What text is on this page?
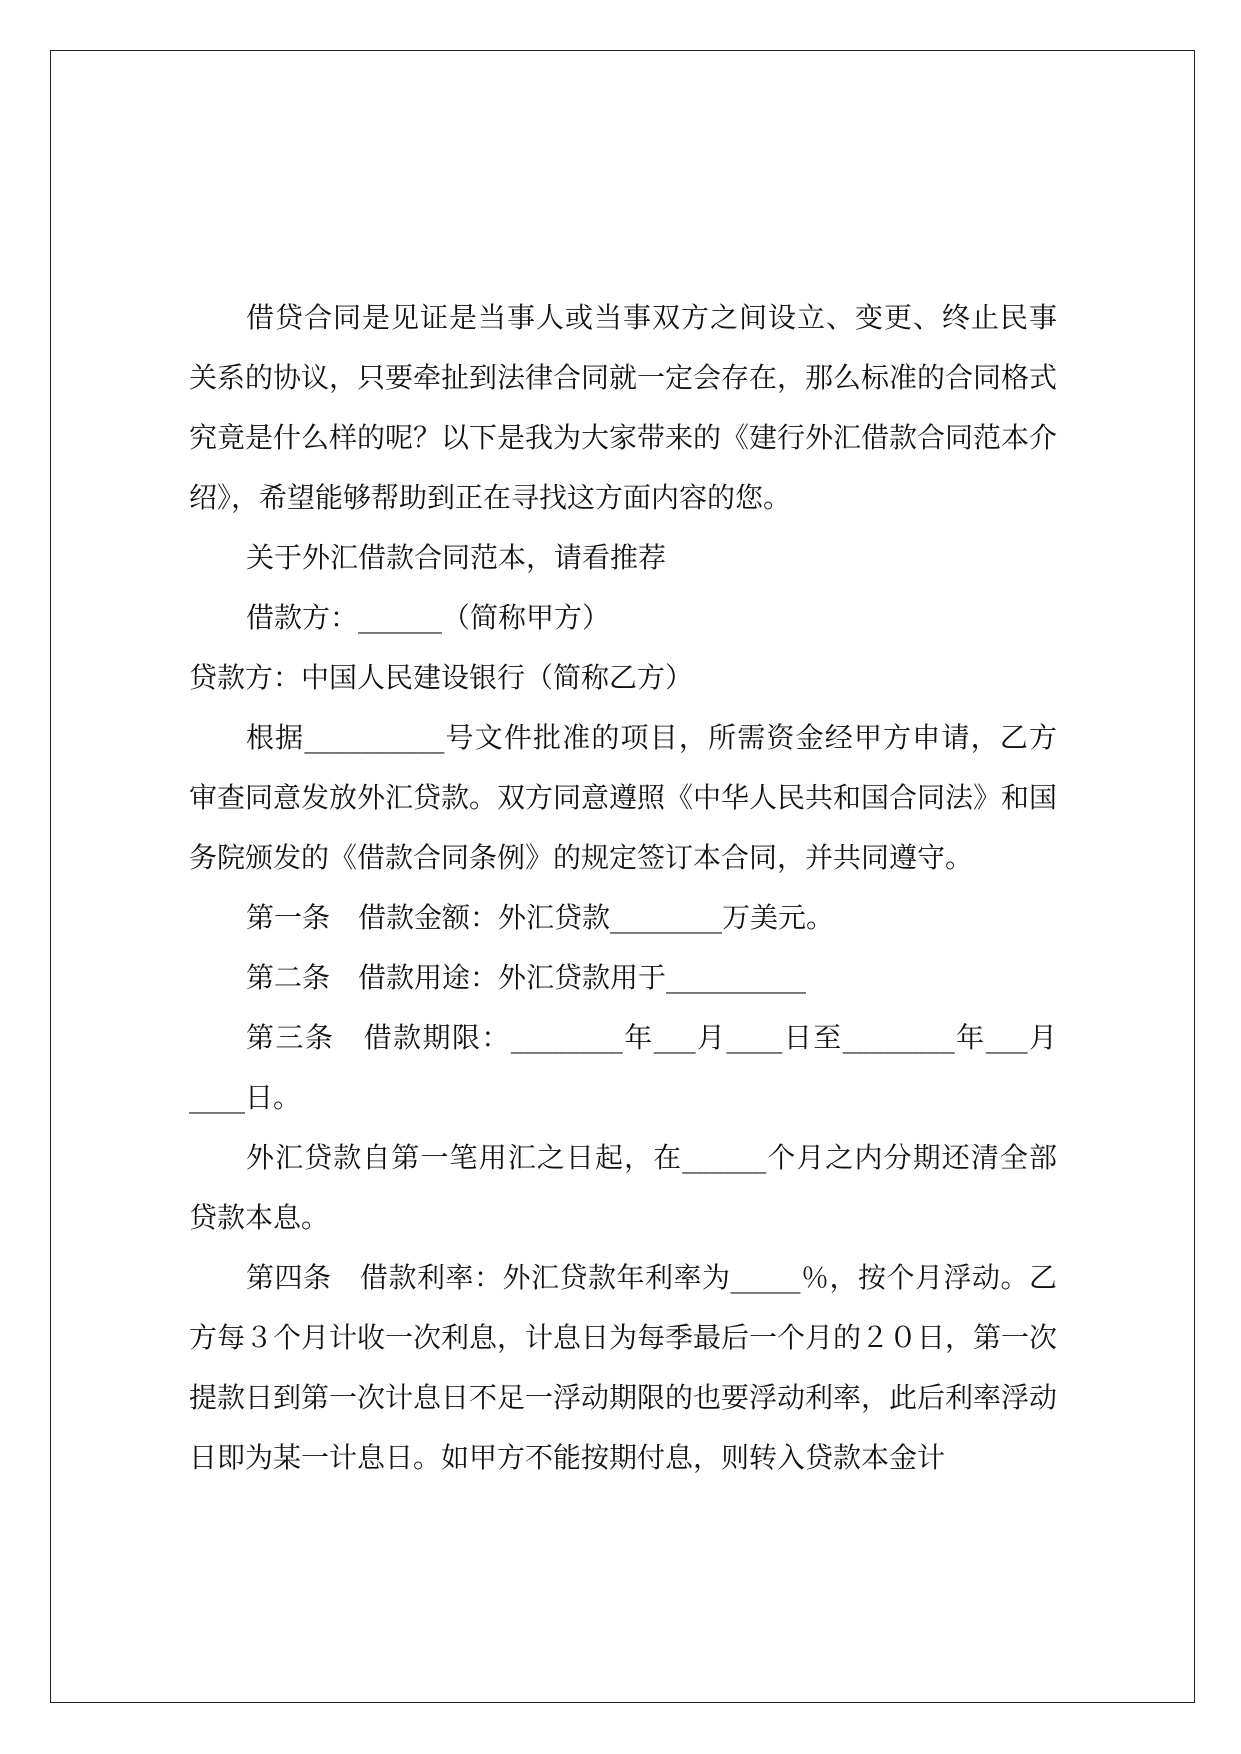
借贷合同是见证是当事人或当事双方之间设立、变更、终止民事关系的协议，只要牵扯到法律合同就一定会存在，那么标准的合同格式究竟是什么样的呢？以下是我为大家带来的《建行外汇借款合同范本介绍》，希望能够帮助到正在寻找这方面内容的您。

关于外汇借款合同范本，请看推荐

借款方：______（简称甲方）

贷款方：中国人民建设银行（简称乙方）

根据__________号文件批准的项目，所需资金经甲方申请，乙方审查同意发放外汇贷款。双方同意遵照《中华人民共和国合同法》和国务院颁发的《借款合同条例》的规定签订本合同，并共同遵守。

第一条　借款金额：外汇贷款________万美元。

第二条　借款用途：外汇贷款用于__________

第三条　借款期限：________年___月____日至________年___月____日。

外汇贷款自第一笔用汇之日起，在______个月之内分期还清全部贷款本息。

第四条　借款利率：外汇贷款年利率为_____％，按个月浮动。乙方每３个月计收一次利息，计息日为每季最后一个月的２０日，第一次提款日到第一次计息日不足一浮动期限的也要浮动利率，此后利率浮动日即为某一计息日。如甲方不能按期付息，则转入贷款本金计
